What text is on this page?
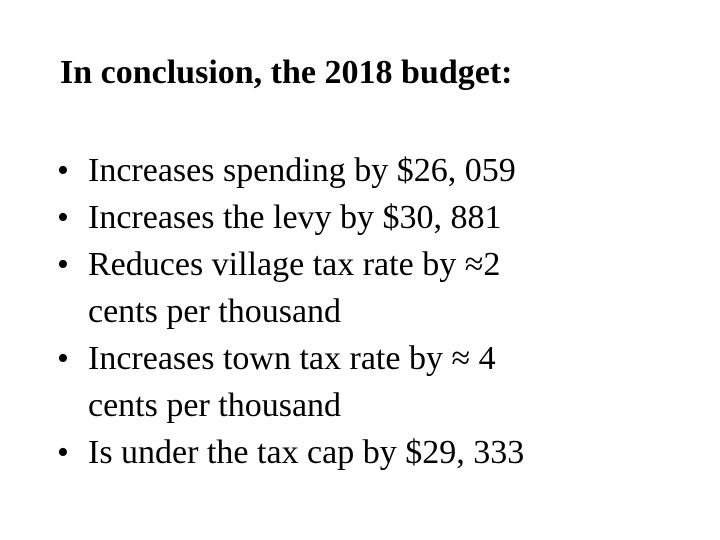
In conclusion, the 2018 budget:
• Increases spending by $26, 059
• Increases the levy by $30, 881
• Reduces village tax rate by ≈2
cents per thousand
• Increases town tax rate by ≈ 4
cents per thousand
• Is under the tax cap by $29, 333
